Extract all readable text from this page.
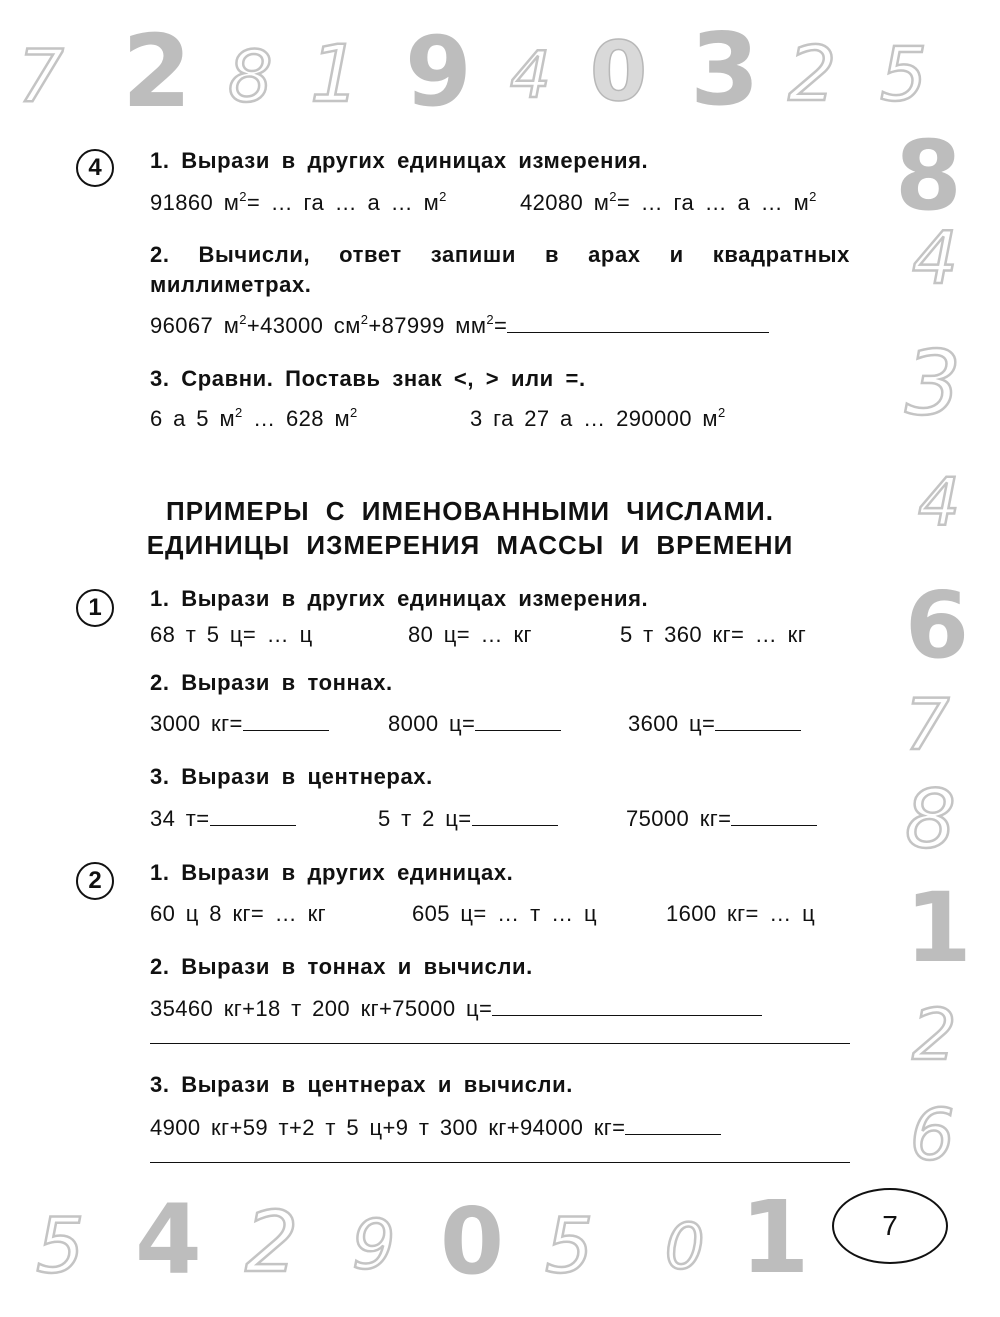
7 2 8 1 9 4 0 3 2 5
8
4
3
4
6
7
8
1
2
6
5 4 2 9 0 5 0 1
4	1. Вырази в других единицах измерения.
91860 $м^2=$ … га … а … $м^2$	42080 $м^2=$ … га … а … $м^2$
2. Вычисли, ответ запиши в арах и квадратных миллиметрах.
96067 $м^2+43000$ $см^2+87999$ $мм^2=$
3. Сравни. Поставь знак <, > или =.
6 а 5 $м^2$ … 628 $м^2$	3 га 27 а … 290000 $м^2$
ПРИМЕРЫ С ИМЕНОВАННЫМИ ЧИСЛАМИ.
ЕДИНИЦЫ ИЗМЕРЕНИЯ МАССЫ И ВРЕМЕНИ
1	1. Вырази в других единицах измерения.
68 т 5 ц= … ц	80 ц= … кг	5 т 360 кг= … кг
2. Вырази в тоннах.
3000 кг=	8000 ц=	3600 ц=
3. Вырази в центнерах.
34 т=	5 т 2 ц=	75000 кг=
2	1. Вырази в других единицах.
60 ц 8 кг= … кг	605 ц= … т … ц	1600 кг= … ц
2. Вырази в тоннах и вычисли.
35460 кг+18 т 200 кг+75000 ц=
3. Вырази в центнерах и вычисли.
4900 кг+59 т+2 т 5 ц+9 т 300 кг+94000 кг=
7
